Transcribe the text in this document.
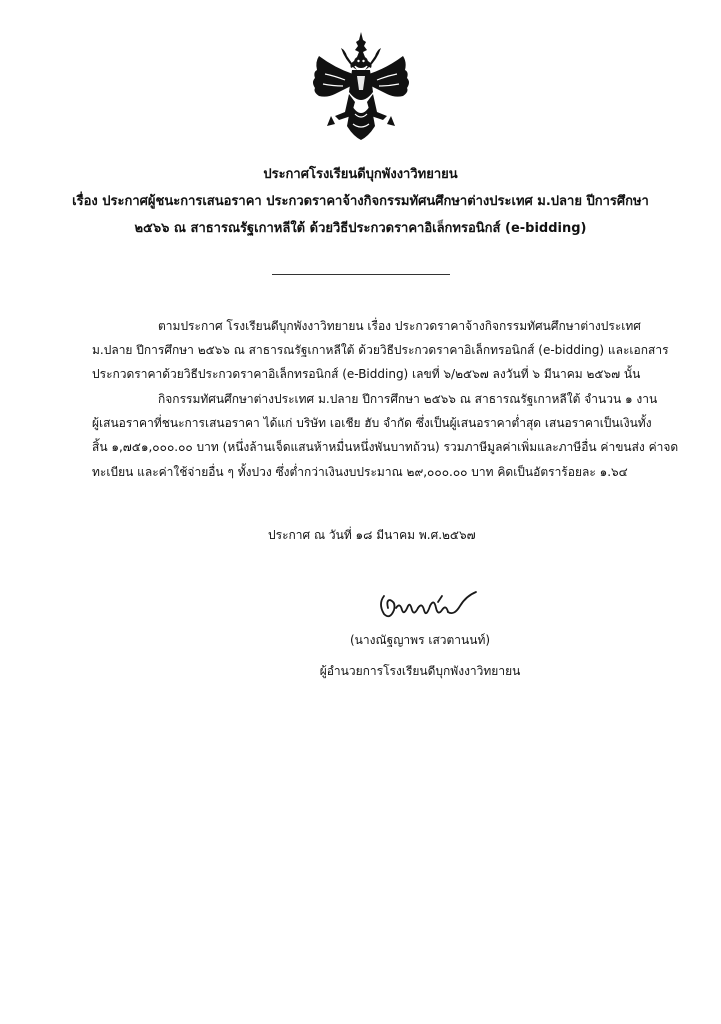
ประกาศโรงเรียนดีบุกพังงาวิทยายน
เรื่อง ประกาศผู้ชนะการเสนอราคา ประกวดราคาจ้างกิจกรรมทัศนศึกษาต่างประเทศ ม.ปลาย ปีการศึกษา
๒๕๖๖ ณ สาธารณรัฐเกาหลีใต้ ด้วยวิธีประกวดราคาอิเล็กทรอนิกส์ (e-bidding)
ตามประกาศ โรงเรียนดีบุกพังงาวิทยายน เรื่อง ประกวดราคาจ้างกิจกรรมทัศนศึกษาต่างประเทศ
ม.ปลาย ปีการศึกษา ๒๕๖๖ ณ สาธารณรัฐเกาหลีใต้ ด้วยวิธีประกวดราคาอิเล็กทรอนิกส์ (e-bidding) และเอกสาร
ประกวดราคาด้วยวิธีประกวดราคาอิเล็กทรอนิกส์ (e-Bidding) เลขที่ ๖/๒๕๖๗ ลงวันที่ ๖ มีนาคม ๒๕๖๗ นั้น
กิจกรรมทัศนศึกษาต่างประเทศ ม.ปลาย ปีการศึกษา ๒๕๖๖ ณ สาธารณรัฐเกาหลีใต้ จำนวน ๑ งาน
ผู้เสนอราคาที่ชนะการเสนอราคา ได้แก่ บริษัท เอเชีย ฮับ จำกัด ซึ่งเป็นผู้เสนอราคาต่ำสุด เสนอราคาเป็นเงินทั้ง
สิ้น ๑,๗๕๑,๐๐๐.๐๐ บาท (หนึ่งล้านเจ็ดแสนห้าหมื่นหนึ่งพันบาทถ้วน) รวมภาษีมูลค่าเพิ่มและภาษีอื่น ค่าขนส่ง ค่าจด
ทะเบียน และค่าใช้จ่ายอื่น ๆ ทั้งปวง ซึ่งต่ำกว่าเงินงบประมาณ ๒๙,๐๐๐.๐๐ บาท คิดเป็นอัตราร้อยละ ๑.๖๔
ประกาศ ณ วันที่ ๑๘ มีนาคม พ.ศ.๒๕๖๗
(นางณัฐญาพร เสวตานนท์)
ผู้อำนวยการโรงเรียนดีบุกพังงาวิทยายน
